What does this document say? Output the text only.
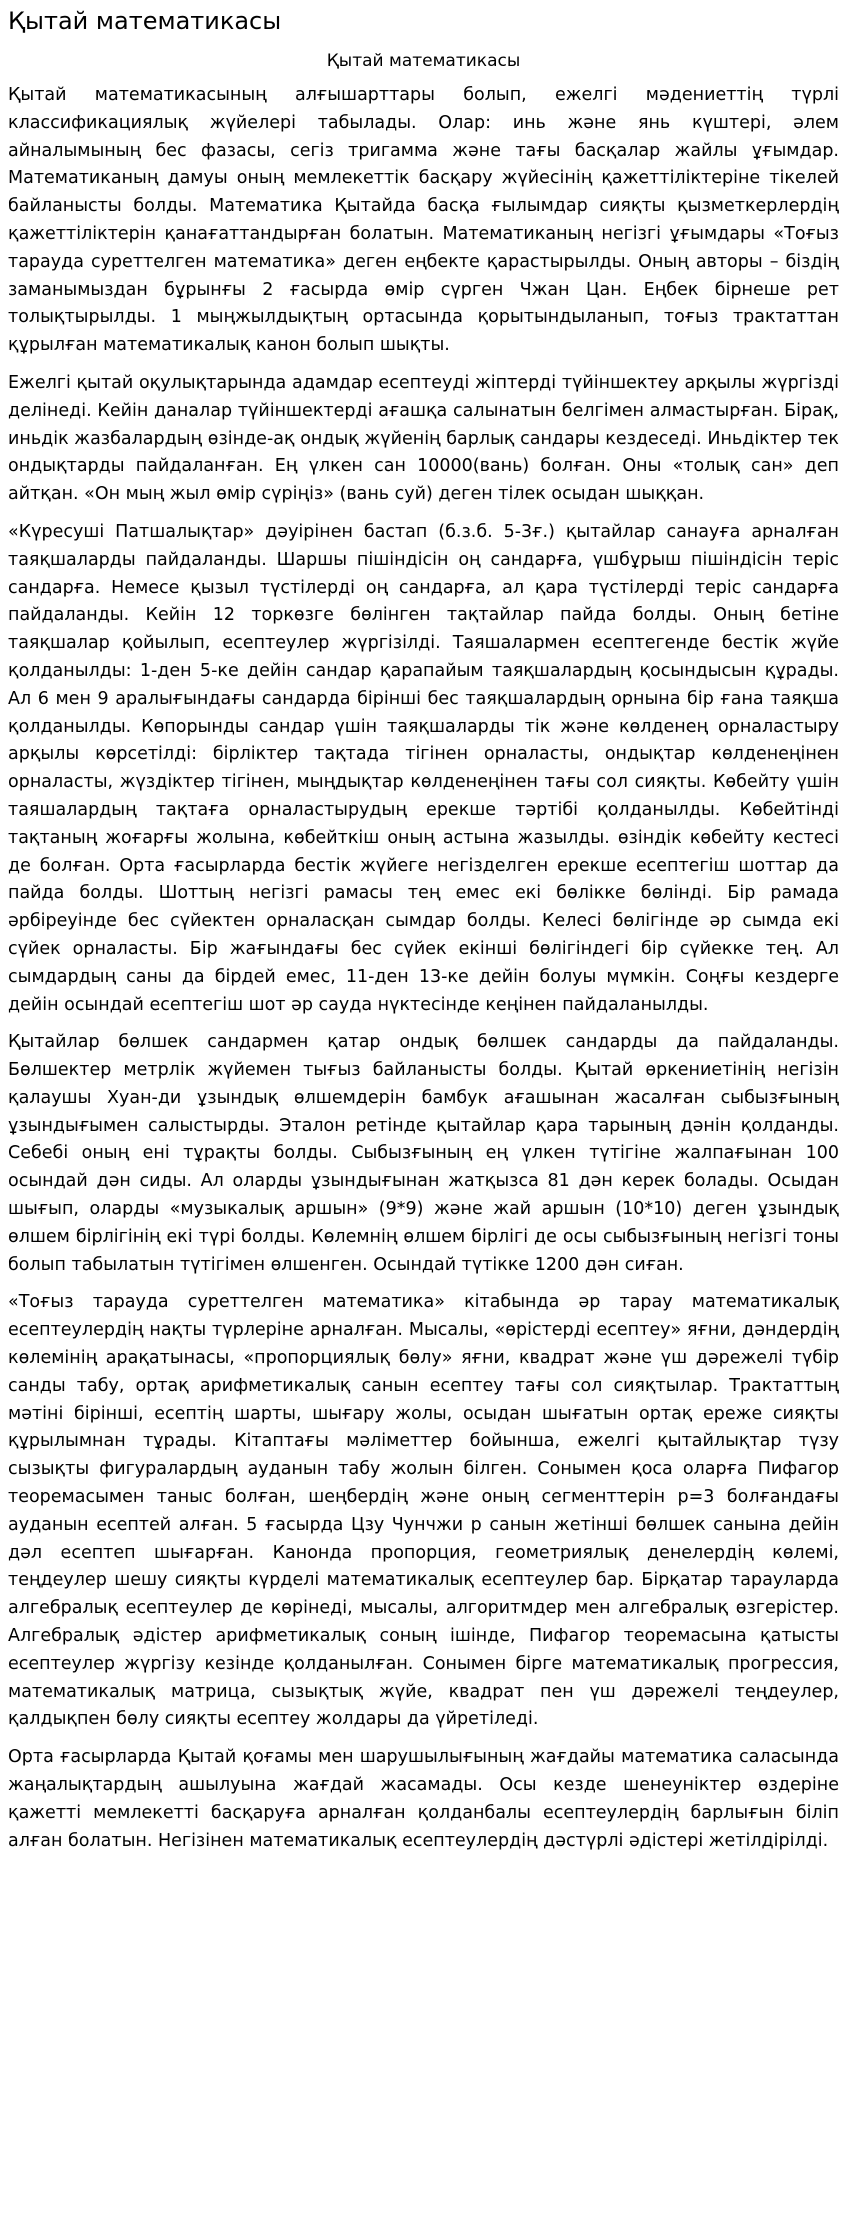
Қытай математикасы
Қытай математикасы

Қытай математикасының алғышарттары болып, ежелгі мәдениеттің түрлі классификациялық жүйелері табылады. Олар: инь және янь күштері, әлем айналымының бес фазасы, сегіз тригамма және тағы басқалар жайлы ұғымдар. Математиканың дамуы оның мемлекеттік басқару жүйесінің қажеттіліктеріне тікелей байланысты болды. Математика Қытайда басқа ғылымдар сияқты қызметкерлердің қажеттіліктерін қанағаттандырған болатын. Математиканың негізгі ұғымдары «Тоғыз тарауда суреттелген математика» деген еңбекте қарастырылды. Оның авторы – біздің заманымыздан бұрынғы 2 ғасырда өмір сүрген Чжан Цан. Еңбек бірнеше рет толықтырылды. 1 мыңжылдықтың ортасында қорытындыланып, тоғыз трактаттан құрылған математикалық канон болып шықты.

Ежелгі қытай оқулықтарында адамдар есептеуді жіптерді түйіншектеу арқылы жүргізді делінеді. Кейін даналар түйіншектерді ағашқа салынатын белгімен алмастырған. Бірақ, иньдік жазбалардың өзінде-ақ ондық жүйенің барлық сандары кездеседі. Иньдіктер тек ондықтарды пайдаланған. Ең үлкен сан 10000(вань) болған. Оны «толық сан» деп айтқан. «Он мың жыл өмір сүріңіз» (вань суй) деген тілек осыдан шыққан.

«Күресуші Патшалықтар» дәуірінен бастап (б.з.б. 5-3ғ.) қытайлар санауға арналған таяқшаларды пайдаланды. Шаршы пішіндісін оң сандарға, үшбұрыш пішіндісін теріс сандарға. Немесе қызыл түстілерді оң сандарға, ал қара түстілерді теріс сандарға пайдаланды. Кейін 12 торкөзге бөлінген тақтайлар пайда болды. Оның бетіне таяқшалар қойылып, есептеулер жүргізілді. Таяшалармен есептегенде бестік жүйе қолданылды: 1-ден 5-ке дейін сандар қарапайым таяқшалардың қосындысын құрады. Ал 6 мен 9 аралығындағы сандарда бірінші бес таяқшалардың орнына бір ғана таяқша қолданылды. Көпорынды сандар үшін таяқшаларды тік және көлденең орналастыру арқылы көрсетілді: бірліктер тақтада тігінен орналасты, ондықтар көлденеңінен орналасты, жүздіктер тігінен, мыңдықтар көлденеңінен тағы сол сияқты. Көбейту үшін таяшалардың тақтаға орналастырудың ерекше тәртібі қолданылды. Көбейтінді тақтаның жоғарғы жолына, көбейткіш оның астына жазылды. өзіндік көбейту кестесі де болған. Орта ғасырларда бестік жүйеге негізделген ерекше есептегіш шоттар да пайда болды. Шоттың негізгі рамасы тең емес екі бөлікке бөлінді. Бір рамада әрбіреуінде бес сүйектен орналасқан сымдар болды. Келесі бөлігінде әр сымда екі сүйек орналасты. Бір жағындағы бес сүйек екінші бөлігіндегі бір сүйекке тең. Ал сымдардың саны да бірдей емес, 11-ден 13-ке дейін болуы мүмкін. Соңғы кездерге дейін осындай есептегіш шот әр сауда нүктесінде кеңінен пайдаланылды.

Қытайлар бөлшек сандармен қатар ондық бөлшек сандарды да пайдаланды. Бөлшектер метрлік жүйемен тығыз байланысты болды. Қытай өркениетінің негізін қалаушы Хуан-ди ұзындық өлшемдерін бамбук ағашынан жасалған сыбызғының ұзындығымен салыстырды. Эталон ретінде қытайлар қара тарының дәнін қолданды. Себебі оның ені тұрақты болды. Сыбызғының ең үлкен түтігіне жалпағынан 100 осындай дән сиды. Ал оларды ұзындығынан жатқызса 81 дән керек болады. Осыдан шығып, оларды «музыкалық аршын» (9*9) және жай аршын (10*10) деген ұзындық өлшем бірлігінің екі түрі болды. Көлемнің өлшем бірлігі де осы сыбызғының негізгі тоны болып табылатын түтігімен өлшенген. Осындай түтікке 1200 дән сиған.

«Тоғыз тарауда суреттелген математика» кітабында әр тарау математикалық есептеулердің нақты түрлеріне арналған. Мысалы, «өрістерді есептеу» яғни, дәндердің көлемінің арақатынасы, «пропорциялық бөлу» яғни, квадрат және үш дәрежелі түбір санды табу, ортақ арифметикалық санын есептеу тағы сол сияқтылар. Трактаттың мәтіні бірінші, есептің шарты, шығару жолы, осыдан шығатын ортақ ереже сияқты құрылымнан тұрады. Кітаптағы мәліметтер бойынша, ежелгі қытайлықтар түзу сызықты фигуралардың ауданын табу жолын білген. Сонымен қоса оларға Пифагор теоремасымен таныс болған, шеңбердің және оның сегменттерін p=3 болғандағы ауданын есептей алған. 5 ғасырда Цзу Чунчжи p санын жетінші бөлшек санына дейін дәл есептеп шығарған. Канонда пропорция, геометриялық денелердің көлемі, теңдеулер шешу сияқты күрделі математикалық есептеулер бар. Бірқатар тарауларда алгебралық есептеулер де көрінеді, мысалы, алгоритмдер мен алгебралық өзгерістер. Алгебралық әдістер арифметикалық соның ішінде, Пифагор теоремасына қатысты есептеулер жүргізу кезінде қолданылған. Сонымен бірге математикалық прогрессия, математикалық матрица, сызықтық жүйе, квадрат пен үш дәрежелі теңдеулер, қалдықпен бөлу сияқты есептеу жолдары да үйретіледі.

Орта ғасырларда Қытай қоғамы мен шарушылығының жағдайы математика саласында жаңалықтардың ашылуына жағдай жасамады. Осы кезде шенеуніктер өздеріне қажетті мемлекетті басқаруға арналған қолданбалы есептеулердің барлығын біліп алған болатын. Негізінен математикалық есептеулердің дәстүрлі әдістері жетілдірілді.
